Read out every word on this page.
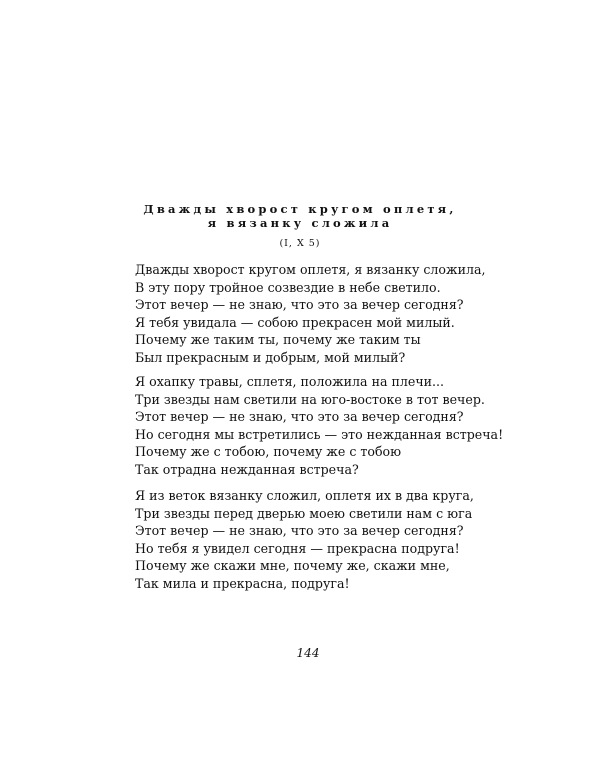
Дважды хворост кругом оплетя,
я вязанку сложила
(I, X 5)
Дважды хворост кругом оплетя, я вязанку сложила,
В эту пору тройное созвездие в небе светило.
Этот вечер — не знаю, что это за вечер сегодня?
Я тебя увидала — собою прекрасен мой милый.
Почему же таким ты, почему же таким ты
Был прекрасным и добрым, мой милый?
Я охапку травы, сплетя, положила на плечи...
Три звезды нам светили на юго-востоке в тот вечер.
Этот вечер — не знаю, что это за вечер сегодня?
Но сегодня мы встретились — это нежданная встреча!
Почему же с тобою, почему же с тобою
Так отрадна нежданная встреча?
Я из веток вязанку сложил, оплетя их в два круга,
Три звезды перед дверью моею светили нам с юга
Этот вечер — не знаю, что это за вечер сегодня?
Но тебя я увидел сегодня — прекрасна подруга!
Почему же скажи мне, почему же, скажи мне,
Так мила и прекрасна, подруга!
144
